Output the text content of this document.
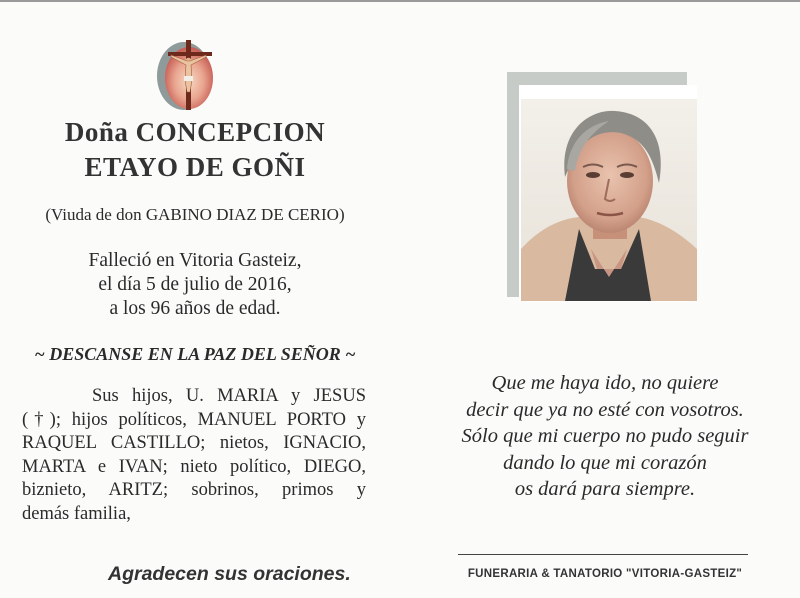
Doña CONCEPCION
ETAYO DE GOÑI
(Viuda de don GABINO DIAZ DE CERIO)
Falleció en Vitoria Gasteiz,
el día 5 de julio de 2016,
a los 96 años de edad.
~ DESCANSE EN LA PAZ DEL SEÑOR ~
Sus hijos, U. MARIA y JESUS
(†); hijos políticos, MANUEL PORTO y
RAQUEL CASTILLO; nietos, IGNACIO,
MARTA e IVAN; nieto político, DIEGO,
biznieto, ARITZ; sobrinos, primos y
demás familia,
Agradecen sus oraciones.
Que me haya ido, no quiere
decir que ya no esté con vosotros.
Sólo que mi cuerpo no pudo seguir
dando lo que mi corazón
os dará para siempre.
FUNERARIA & TANATORIO "VITORIA-GASTEIZ"
